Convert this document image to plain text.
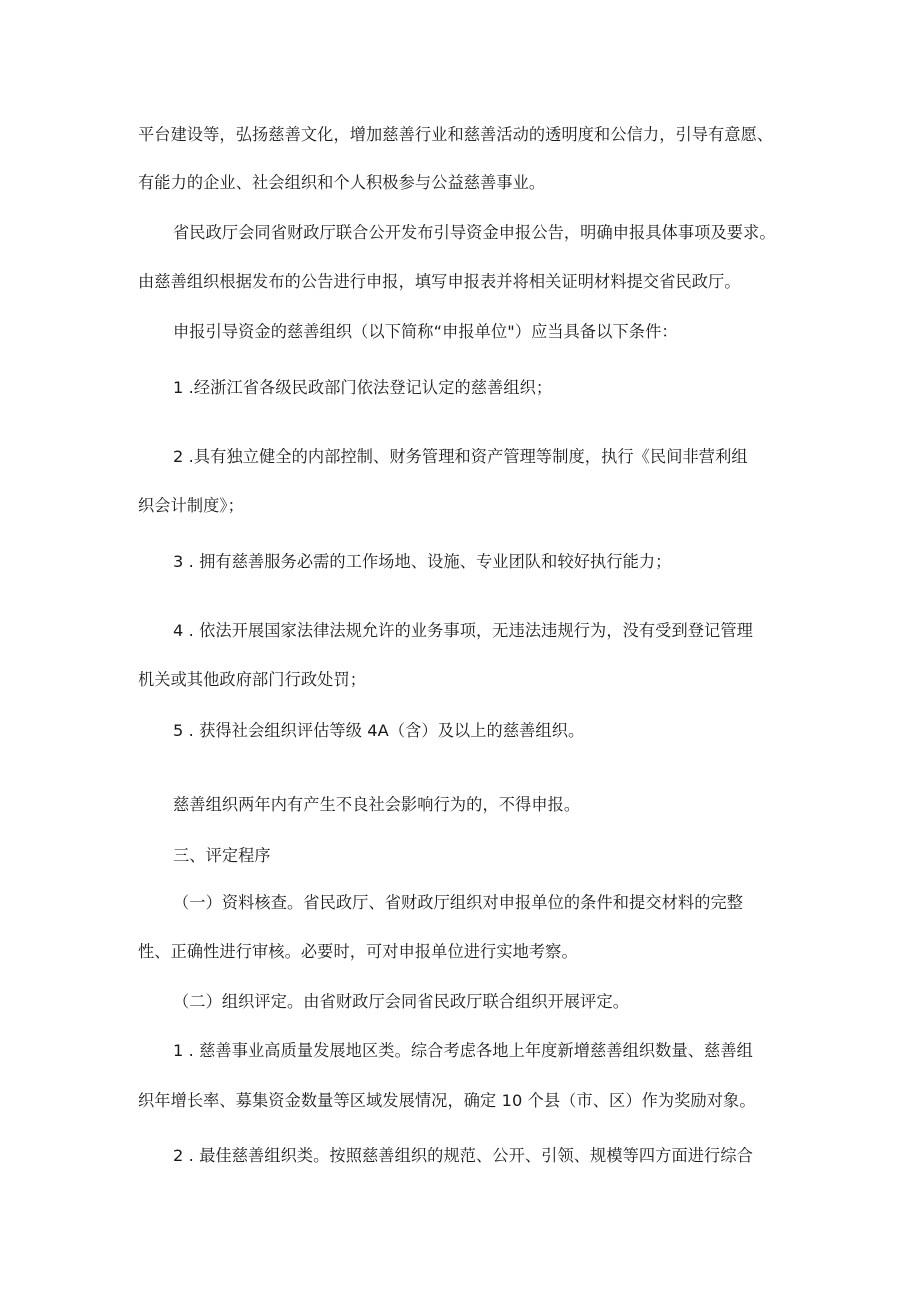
平台建设等，弘扬慈善文化，增加慈善行业和慈善活动的透明度和公信力，引导有意愿、
有能力的企业、社会组织和个人积极参与公益慈善事业。
省民政厅会同省财政厅联合公开发布引导资金申报公告，明确申报具体事项及要求。
由慈善组织根据发布的公告进行申报，填写申报表并将相关证明材料提交省民政厅。
申报引导资金的慈善组织（以下简称“申报单位"）应当具备以下条件：
1 .经浙江省各级民政部门依法登记认定的慈善组织；
2 .具有独立健全的内部控制、财务管理和资产管理等制度，执行《民间非营利组
织会计制度》；
3 . 拥有慈善服务必需的工作场地、设施、专业团队和较好执行能力；
4 . 依法开展国家法律法规允许的业务事项，无违法违规行为，没有受到登记管理
机关或其他政府部门行政处罚；
5 . 获得社会组织评估等级 4A（含）及以上的慈善组织。
慈善组织两年内有产生不良社会影响行为的，不得申报。
三、评定程序
（一）资料核查。省民政厅、省财政厅组织对申报单位的条件和提交材料的完整
性、正确性进行审核。必要时，可对申报单位进行实地考察。
（二）组织评定。由省财政厅会同省民政厅联合组织开展评定。
1 . 慈善事业高质量发展地区类。综合考虑各地上年度新增慈善组织数量、慈善组
织年增长率、募集资金数量等区域发展情况，确定 10 个县（市、区）作为奖励对象。
2 . 最佳慈善组织类。按照慈善组织的规范、公开、引领、规模等四方面进行综合
